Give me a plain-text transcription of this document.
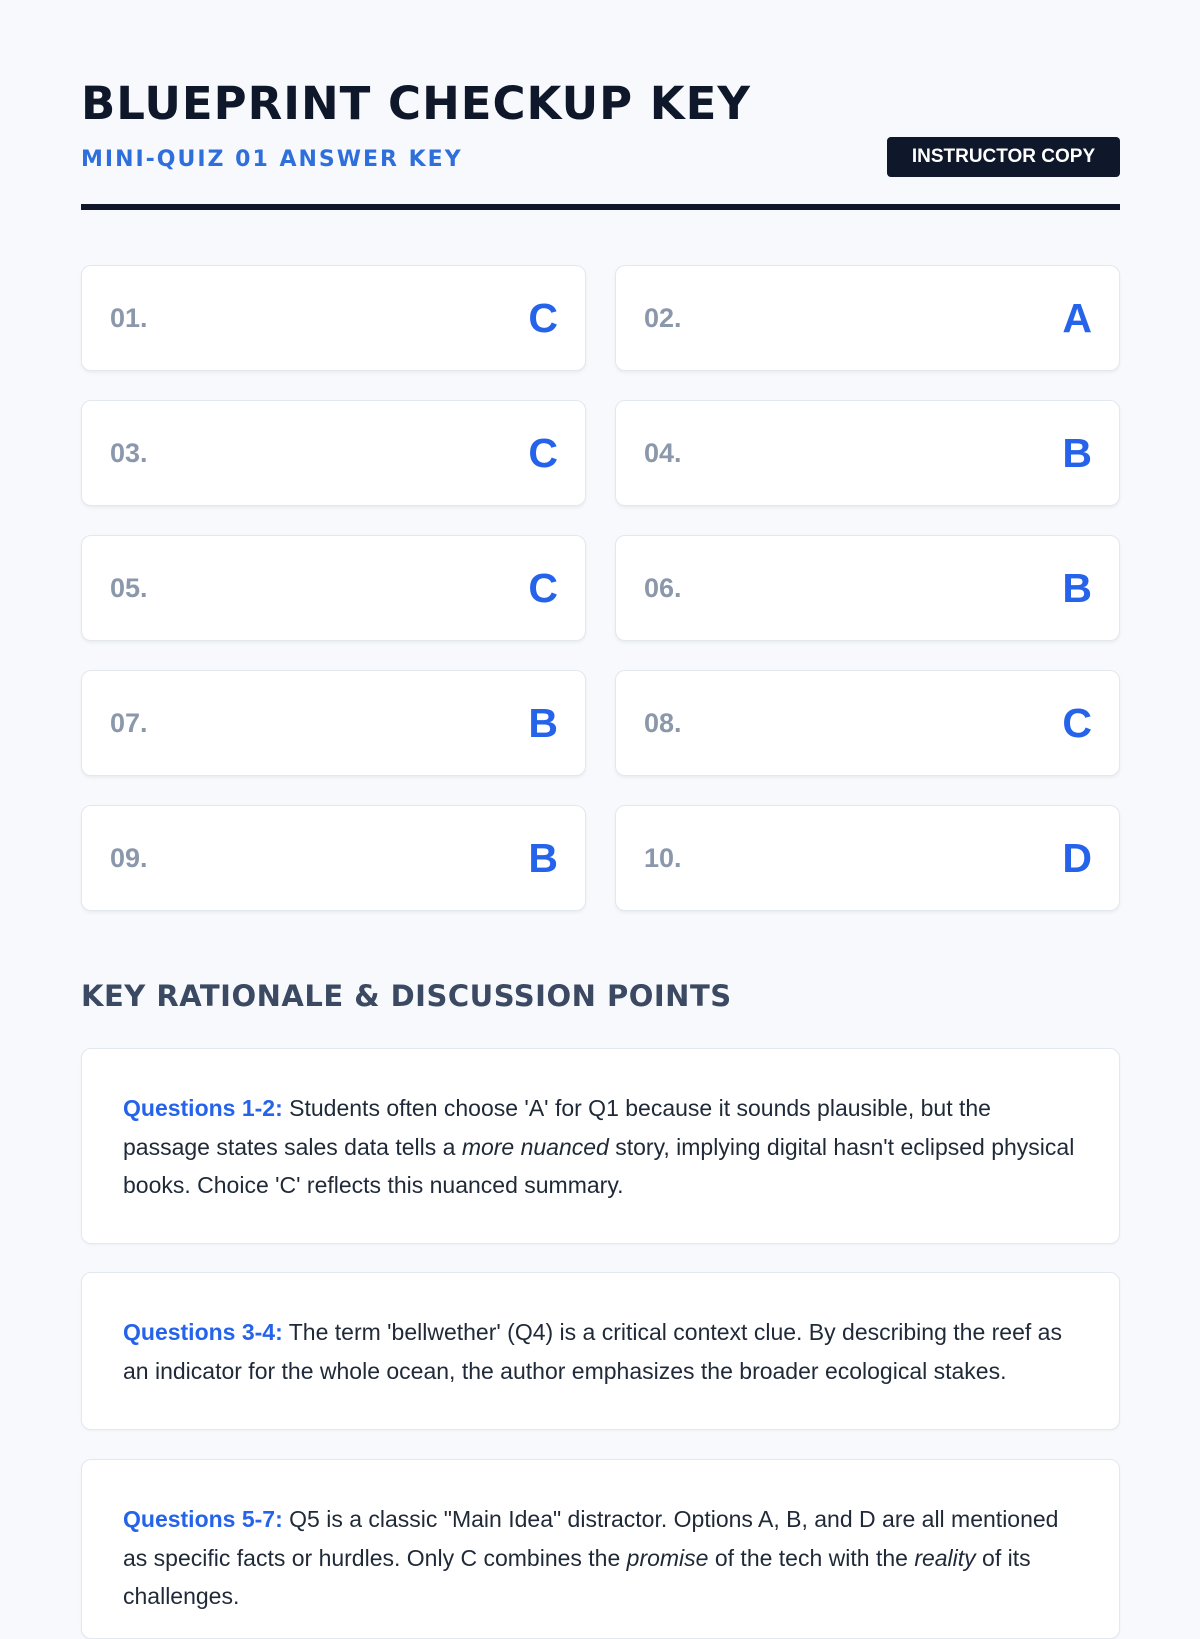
BLUEPRINT CHECKUP KEY
MINI-QUIZ 01 ANSWER KEY	INSTRUCTOR COPY
01.	C	02.	A
03.	C	04.	B
05.	C	06.	B
07.	B	08.	C
09.	B	10.	D
KEY RATIONALE & DISCUSSION POINTS

Questions 1-2: Students often choose 'A' for Q1 because it sounds plausible, but the passage states sales data tells a more nuanced story, implying digital hasn't eclipsed physical books. Choice 'C' reflects this nuanced summary.

Questions 3-4: The term 'bellwether' (Q4) is a critical context clue. By describing the reef as an indicator for the whole ocean, the author emphasizes the broader ecological stakes.

Questions 5-7: Q5 is a classic "Main Idea" distractor. Options A, B, and D are all mentioned as specific facts or hurdles. Only C combines the promise of the tech with the reality of its challenges.
